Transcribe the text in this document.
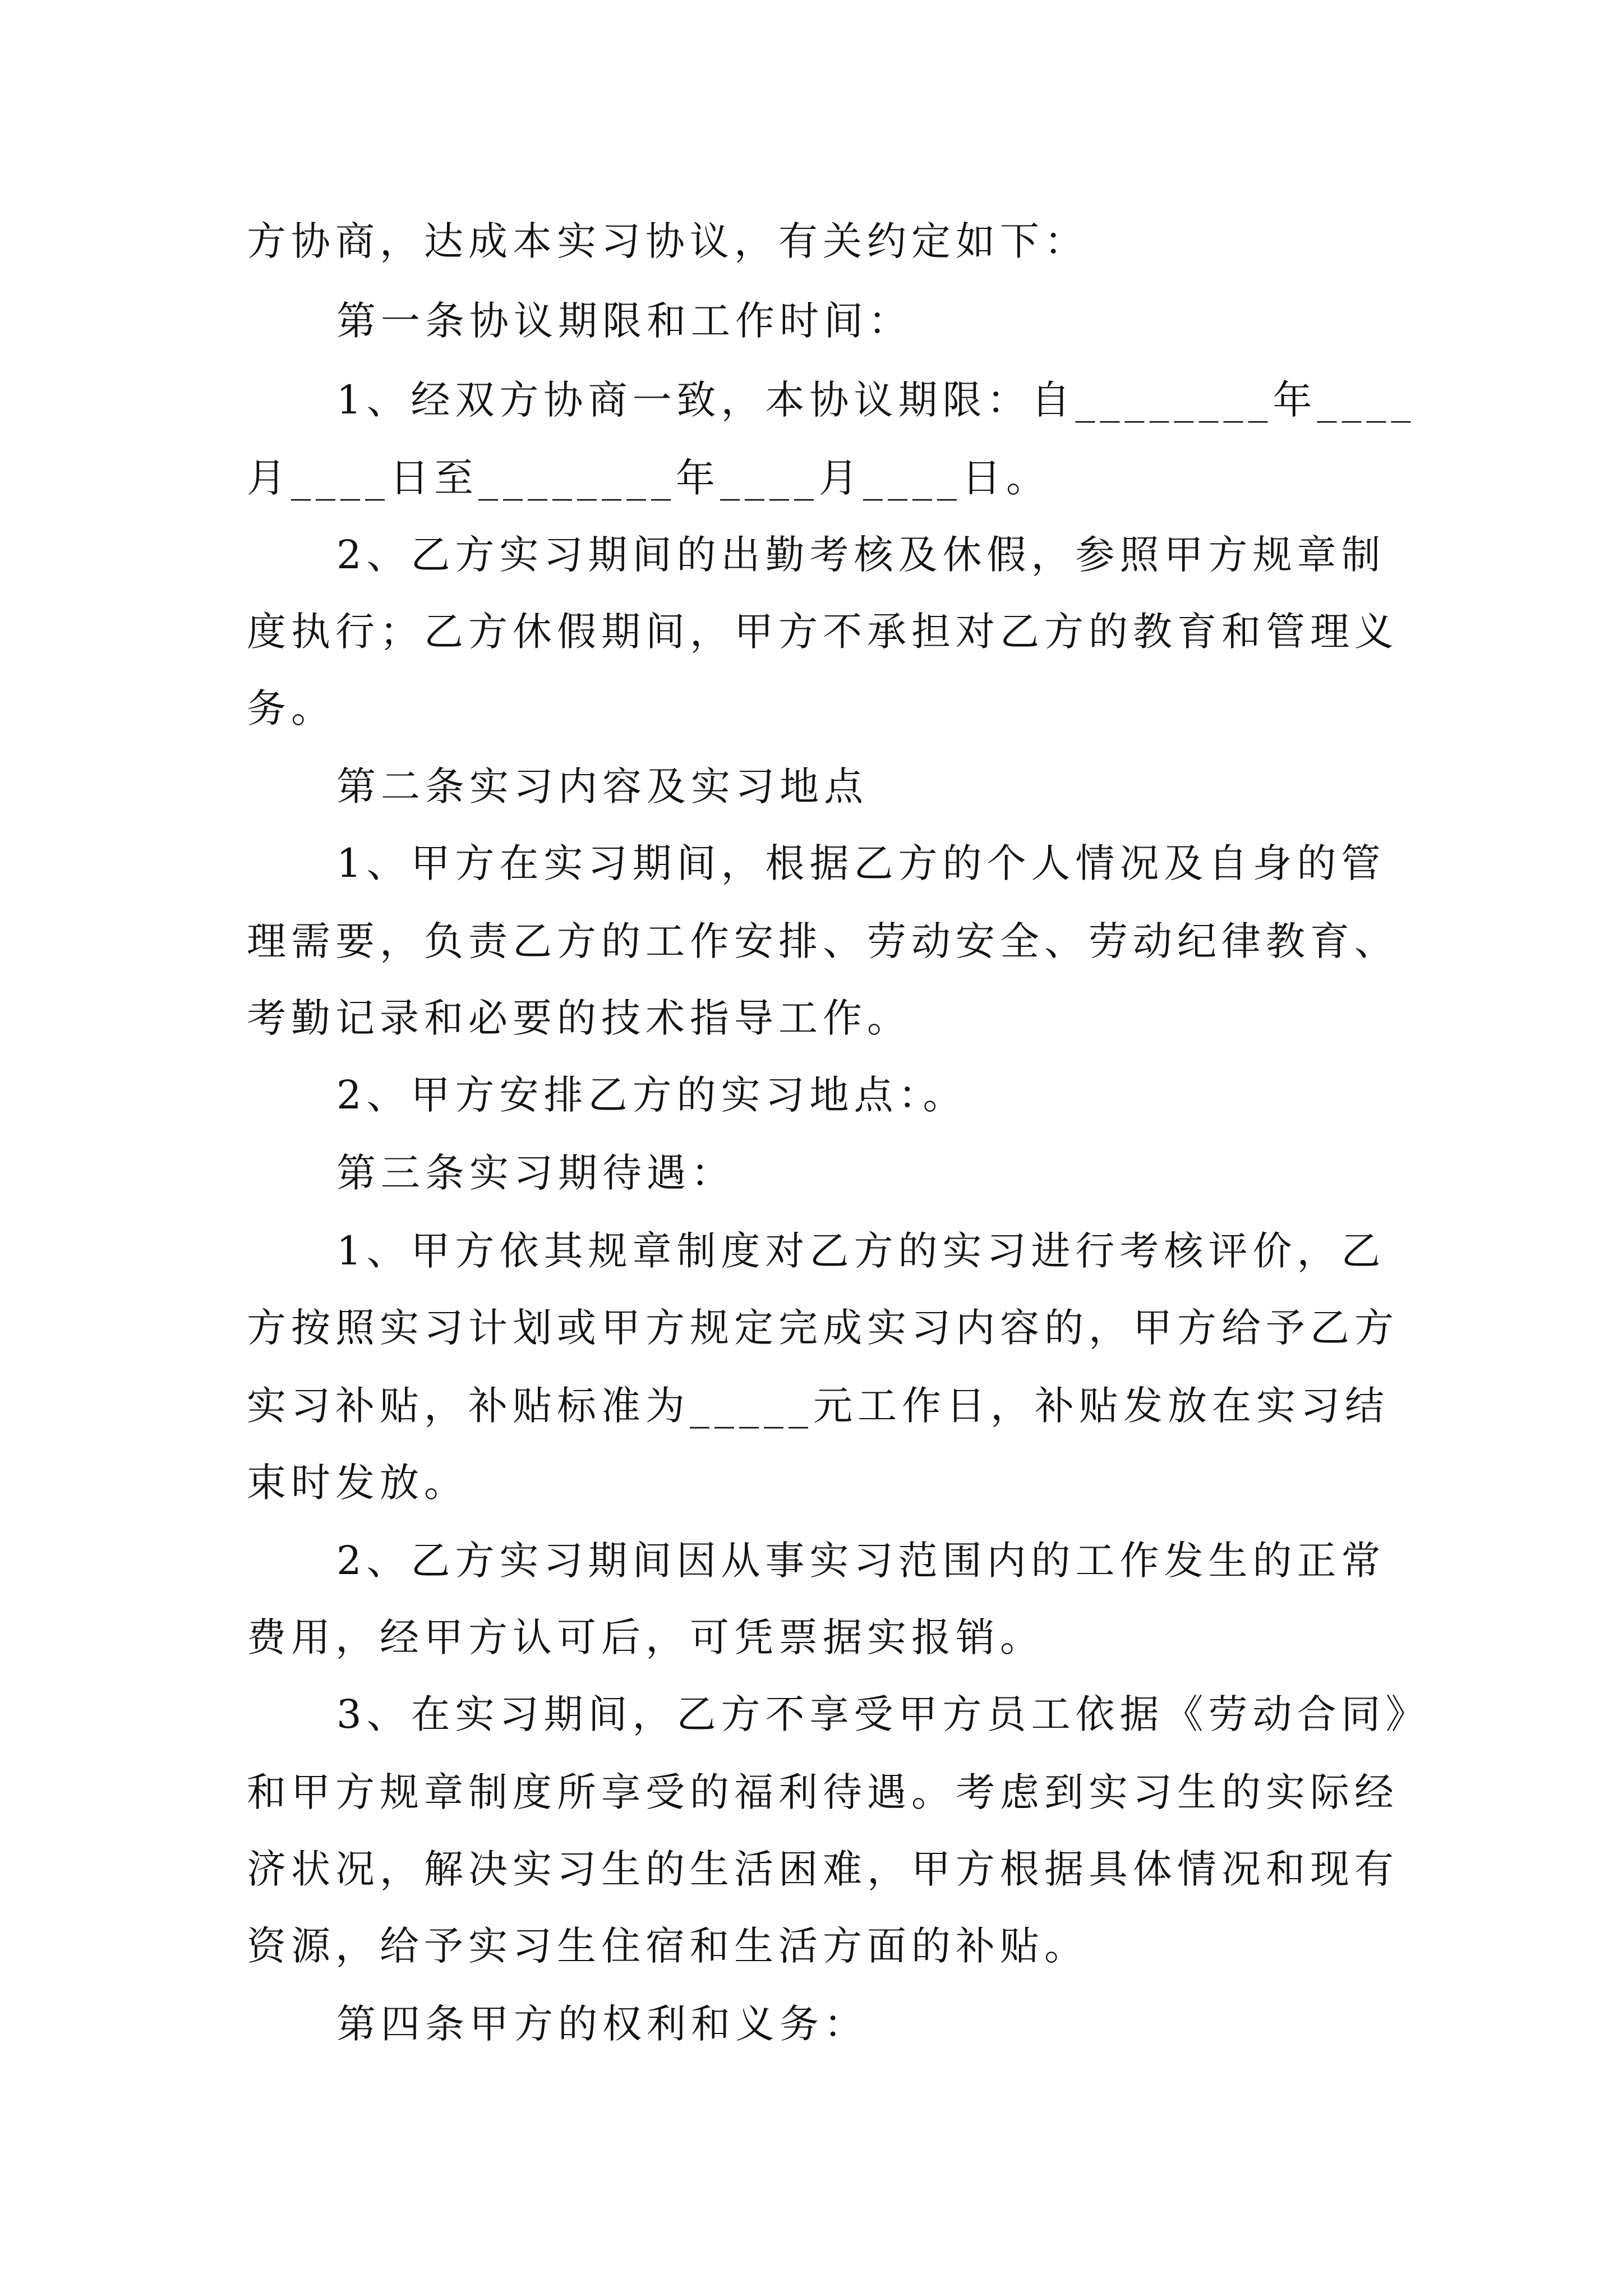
方协商，达成本实习协议，有关约定如下：

第一条协议期限和工作时间：

1、经双方协商一致，本协议期限：自________年____

月____日至________年____月____日。

2、乙方实习期间的出勤考核及休假，参照甲方规章制

度执行；乙方休假期间，甲方不承担对乙方的教育和管理义

务。

第二条实习内容及实习地点

1、甲方在实习期间，根据乙方的个人情况及自身的管

理需要，负责乙方的工作安排、劳动安全、劳动纪律教育、

考勤记录和必要的技术指导工作。

2、甲方安排乙方的实习地点：。

第三条实习期待遇：

1、甲方依其规章制度对乙方的实习进行考核评价，乙

方按照实习计划或甲方规定完成实习内容的，甲方给予乙方

实习补贴，补贴标准为_____元工作日，补贴发放在实习结

束时发放。

2、乙方实习期间因从事实习范围内的工作发生的正常

费用，经甲方认可后，可凭票据实报销。

3、在实习期间，乙方不享受甲方员工依据《劳动合同》

和甲方规章制度所享受的福利待遇。考虑到实习生的实际经

济状况，解决实习生的生活困难，甲方根据具体情况和现有

资源，给予实习生住宿和生活方面的补贴。

第四条甲方的权利和义务：
